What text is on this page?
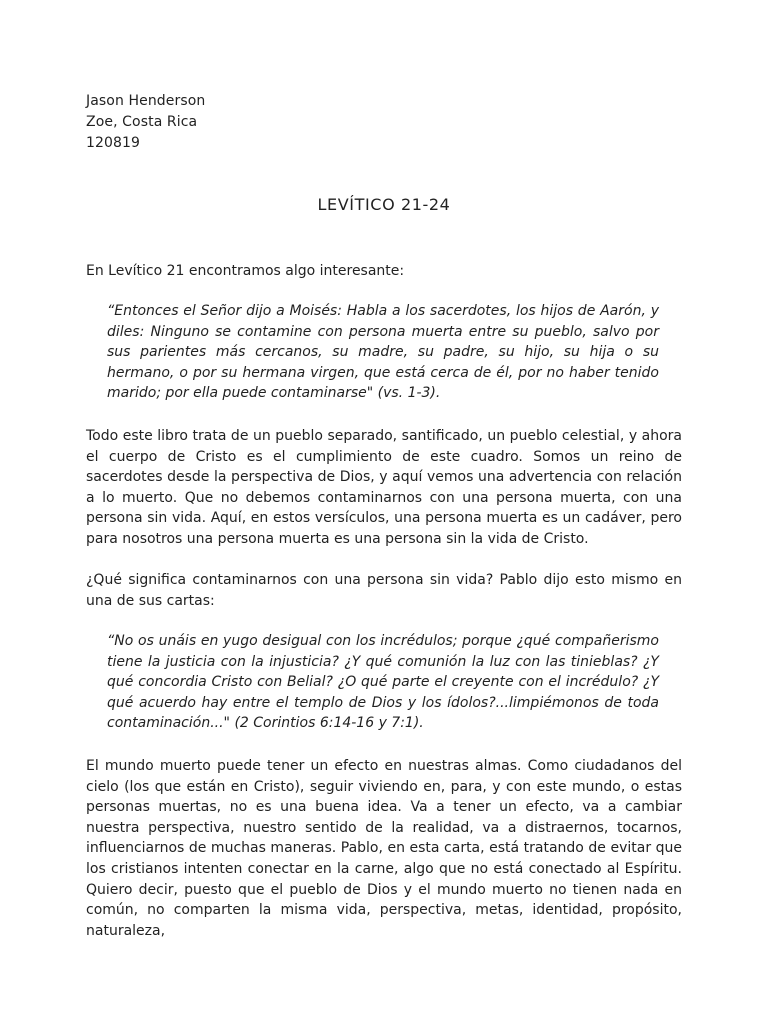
Jason Henderson
Zoe, Costa Rica
120819
LEVÍTICO 21-24

En Levítico 21 encontramos algo interesante:

“Entonces el Señor dijo a Moisés: Habla a los sacerdotes, los hijos de Aarón, y diles: Ninguno se contamine con persona muerta entre su pueblo, salvo por sus parientes más cercanos, su madre, su padre, su hijo, su hija o su hermano, o por su hermana virgen, que está cerca de él, por no haber tenido marido; por ella puede contaminarse" (vs. 1-3).

Todo este libro trata de un pueblo separado, santificado, un pueblo celestial, y ahora el cuerpo de Cristo es el cumplimiento de este cuadro. Somos un reino de sacerdotes desde la perspectiva de Dios, y aquí vemos una advertencia con relación a lo muerto. Que no debemos contaminarnos con una persona muerta, con una persona sin vida. Aquí, en estos versículos, una persona muerta es un cadáver, pero para nosotros una persona muerta es una persona sin la vida de Cristo.

¿Qué significa contaminarnos con una persona sin vida? Pablo dijo esto mismo en una de sus cartas:

“No os unáis en yugo desigual con los incrédulos; porque ¿qué compañerismo tiene la justicia con la injusticia? ¿Y qué comunión la luz con las tinieblas? ¿Y qué concordia Cristo con Belial? ¿O qué parte el creyente con el incrédulo? ¿Y qué acuerdo hay entre el templo de Dios y los ídolos?...limpiémonos de toda contaminación..." (2 Corintios 6:14-16 y 7:1).

El mundo muerto puede tener un efecto en nuestras almas. Como ciudadanos del cielo (los que están en Cristo), seguir viviendo en, para, y con este mundo, o estas personas muertas, no es una buena idea. Va a tener un efecto, va a cambiar nuestra perspectiva, nuestro sentido de la realidad, va a distraernos, tocarnos, influenciarnos de muchas maneras. Pablo, en esta carta, está tratando de evitar que los cristianos intenten conectar en la carne, algo que no está conectado al Espíritu. Quiero decir, puesto que el pueblo de Dios y el mundo muerto no tienen nada en común, no comparten la misma vida, perspectiva, metas, identidad, propósito, naturaleza,
